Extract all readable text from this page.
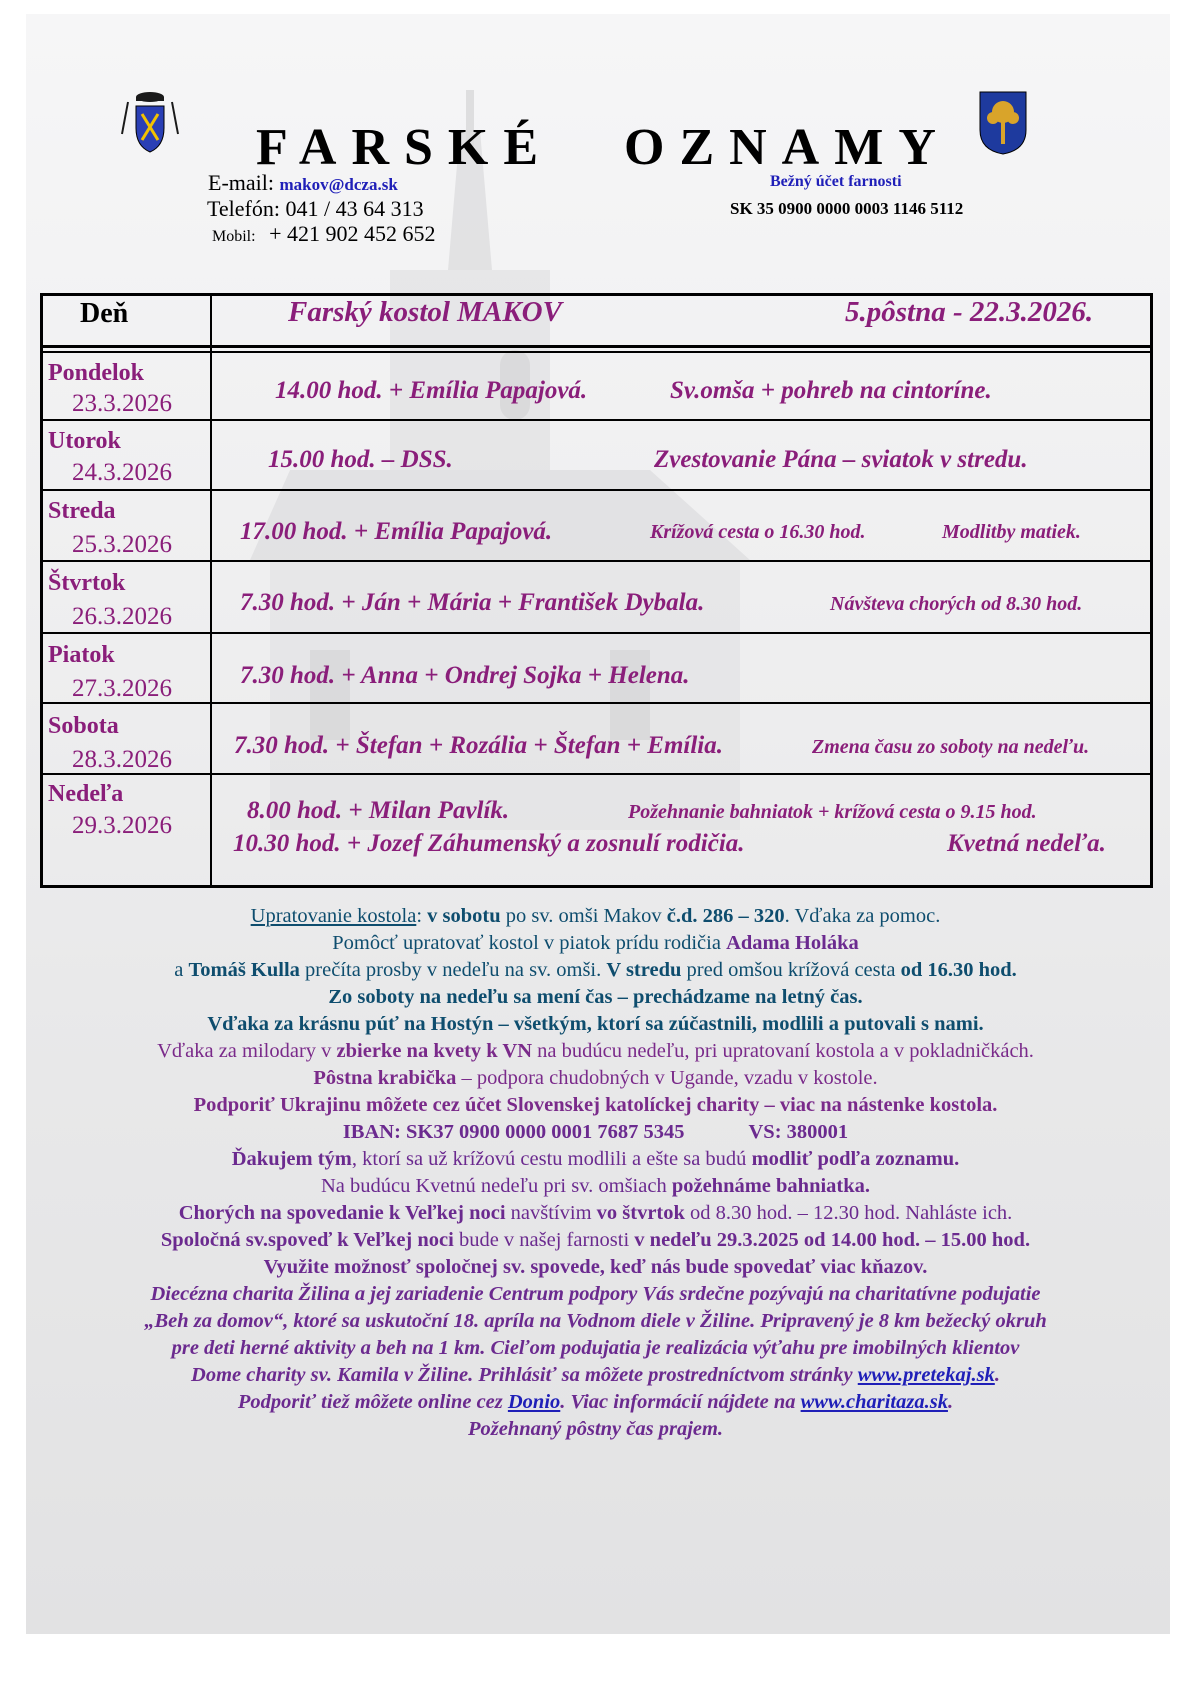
FARSKÉ OZNAMY
E-mail: makov@dcza.sk
Telefón: 041 / 43 64 313
Mobil: + 421 902 452 652
Bežný účet farnosti
SK 35 0900 0000 0003 1146 5112
Deň	Farský kostol MAKOV	5.pôstna - 22.3.2026.
Pondelok
23.3.2026	14.00 hod. + Emília Papajová.	Sv.omša + pohreb na cintoríne.
Utorok
24.3.2026	15.00 hod. – DSS.	Zvestovanie Pána – sviatok v stredu.
Streda
25.3.2026	17.00 hod. + Emília Papajová.	Krížová cesta o 16.30 hod.	Modlitby matiek.
Štvrtok
26.3.2026
7.30 hod. + Ján + Mária + František Dybala.	Návšteva chorých od 8.30 hod.
Piatok
27.3.2026	7.30 hod. + Anna + Ondrej Sojka + Helena.
Sobota
28.3.2026
7.30 hod. + Štefan + Rozália + Štefan + Emília.	Zmena času zo soboty na nedeľu.
Nedeľa
29.3.2026
8.00 hod. + Milan Pavlík.	Požehnanie bahniatok + krížová cesta o 9.15 hod.
10.30 hod. + Jozef Záhumenský a zosnulí rodičia.	Kvetná nedeľa.
Upratovanie kostola: v sobotu po sv. omši Makov č.d. 286 – 320. Vďaka za pomoc.
Pomôcť upratovať kostol v piatok prídu rodičia Adama Holáka
a Tomáš Kulla prečíta prosby v nedeľu na sv. omši. V stredu pred omšou krížová cesta od 16.30 hod.
Zo soboty na nedeľu sa mení čas – prechádzame na letný čas.
Vďaka za krásnu púť na Hostýn – všetkým, ktorí sa zúčastnili, modlili a putovali s nami.
Vďaka za milodary v zbierke na kvety k VN na budúcu nedeľu, pri upratovaní kostola a v pokladničkách.
Pôstna krabička – podpora chudobných v Ugande, vzadu v kostole.
Podporiť Ukrajinu môžete cez účet Slovenskej katolíckej charity – viac na nástenke kostola.
IBAN: SK37 0900 0000 0001 7687 5345	VS: 380001
Ďakujem tým, ktorí sa už krížovú cestu modlili a ešte sa budú modliť podľa zoznamu.
Na budúcu Kvetnú nedeľu pri sv. omšiach požehnáme bahniatka.
Chorých na spovedanie k Veľkej noci navštívim vo štvrtok od 8.30 hod. – 12.30 hod. Nahláste ich.
Spoločná sv.spoveď k Veľkej noci bude v našej farnosti v nedeľu 29.3.2025 od 14.00 hod. – 15.00 hod.
Využite možnosť spoločnej sv. spovede, keď nás bude spovedať viac kňazov.
Diecézna charita Žilina a jej zariadenie Centrum podpory Vás srdečne pozývajú na charitatívne podujatie
„Beh za domov“, ktoré sa uskutoční 18. apríla na Vodnom diele v Žiline. Pripravený je 8 km bežecký okruh
pre deti herné aktivity a beh na 1 km. Cieľom podujatia je realizácia výťahu pre imobilných klientov
Dome charity sv. Kamila v Žiline. Prihlásiť sa môžete prostredníctvom stránky www.pretekaj.sk.
Podporiť tiež môžete online cez Donio. Viac informácií nájdete na www.charitaza.sk.
Požehnaný pôstny čas prajem.
